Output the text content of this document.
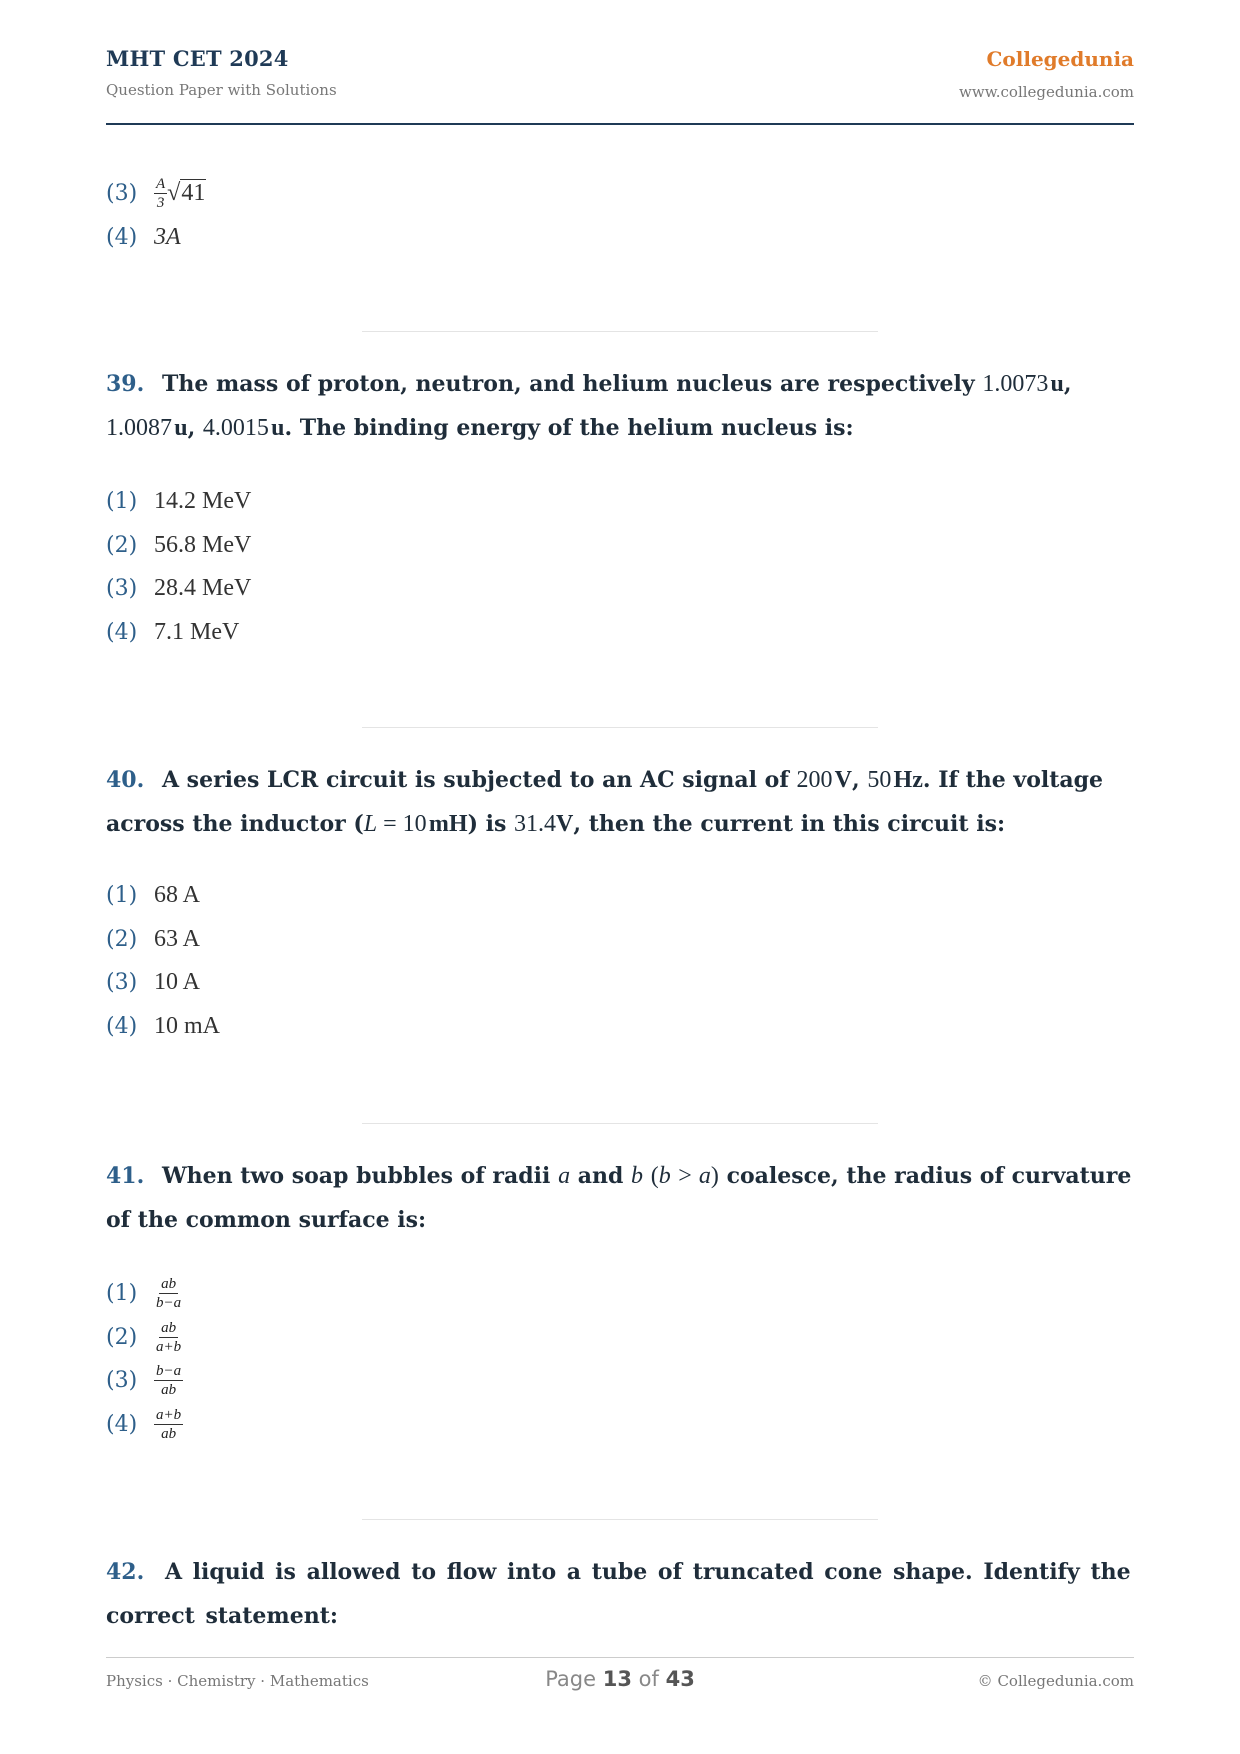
MHT CET 2024
Question Paper with Solutions
Collegedunia
www.collegedunia.com
(3)	$\frac{A}{3} √41$
(4) 3A
39. The mass of proton, neutron, and helium nucleus are respectively 1.0073 u, 1.0087 u, 4.0015 u. The binding energy of the helium nucleus is:
(1) 14.2 MeV
(2) 56.8 MeV
(3) 28.4 MeV
(4) 7.1 MeV
40. A series LCR circuit is subjected to an AC signal of 200 V, 50 Hz. If the voltage across the inductor (L = 10 mH) is 31.4V, then the current in this circuit is:
(1) 68 A
(2) 63 A
(3) 10 A
(4) 10 mA
41. When two soap bubbles of radii a and b (b > a) coalesce, the radius of curvature of the common surface is:
(1)	$\frac{ab}{b-a}$
(2)	$\frac{ab}{a+b}$
(3)	$\frac{b-a}{ab}$
(4)	$\frac{a+b}{ab}$
42. A liquid is allowed to flow into a tube of truncated cone shape. Identify the correct statement:
Physics · Chemistry · Mathematics	Page 13 of 43	© Collegedunia.com
